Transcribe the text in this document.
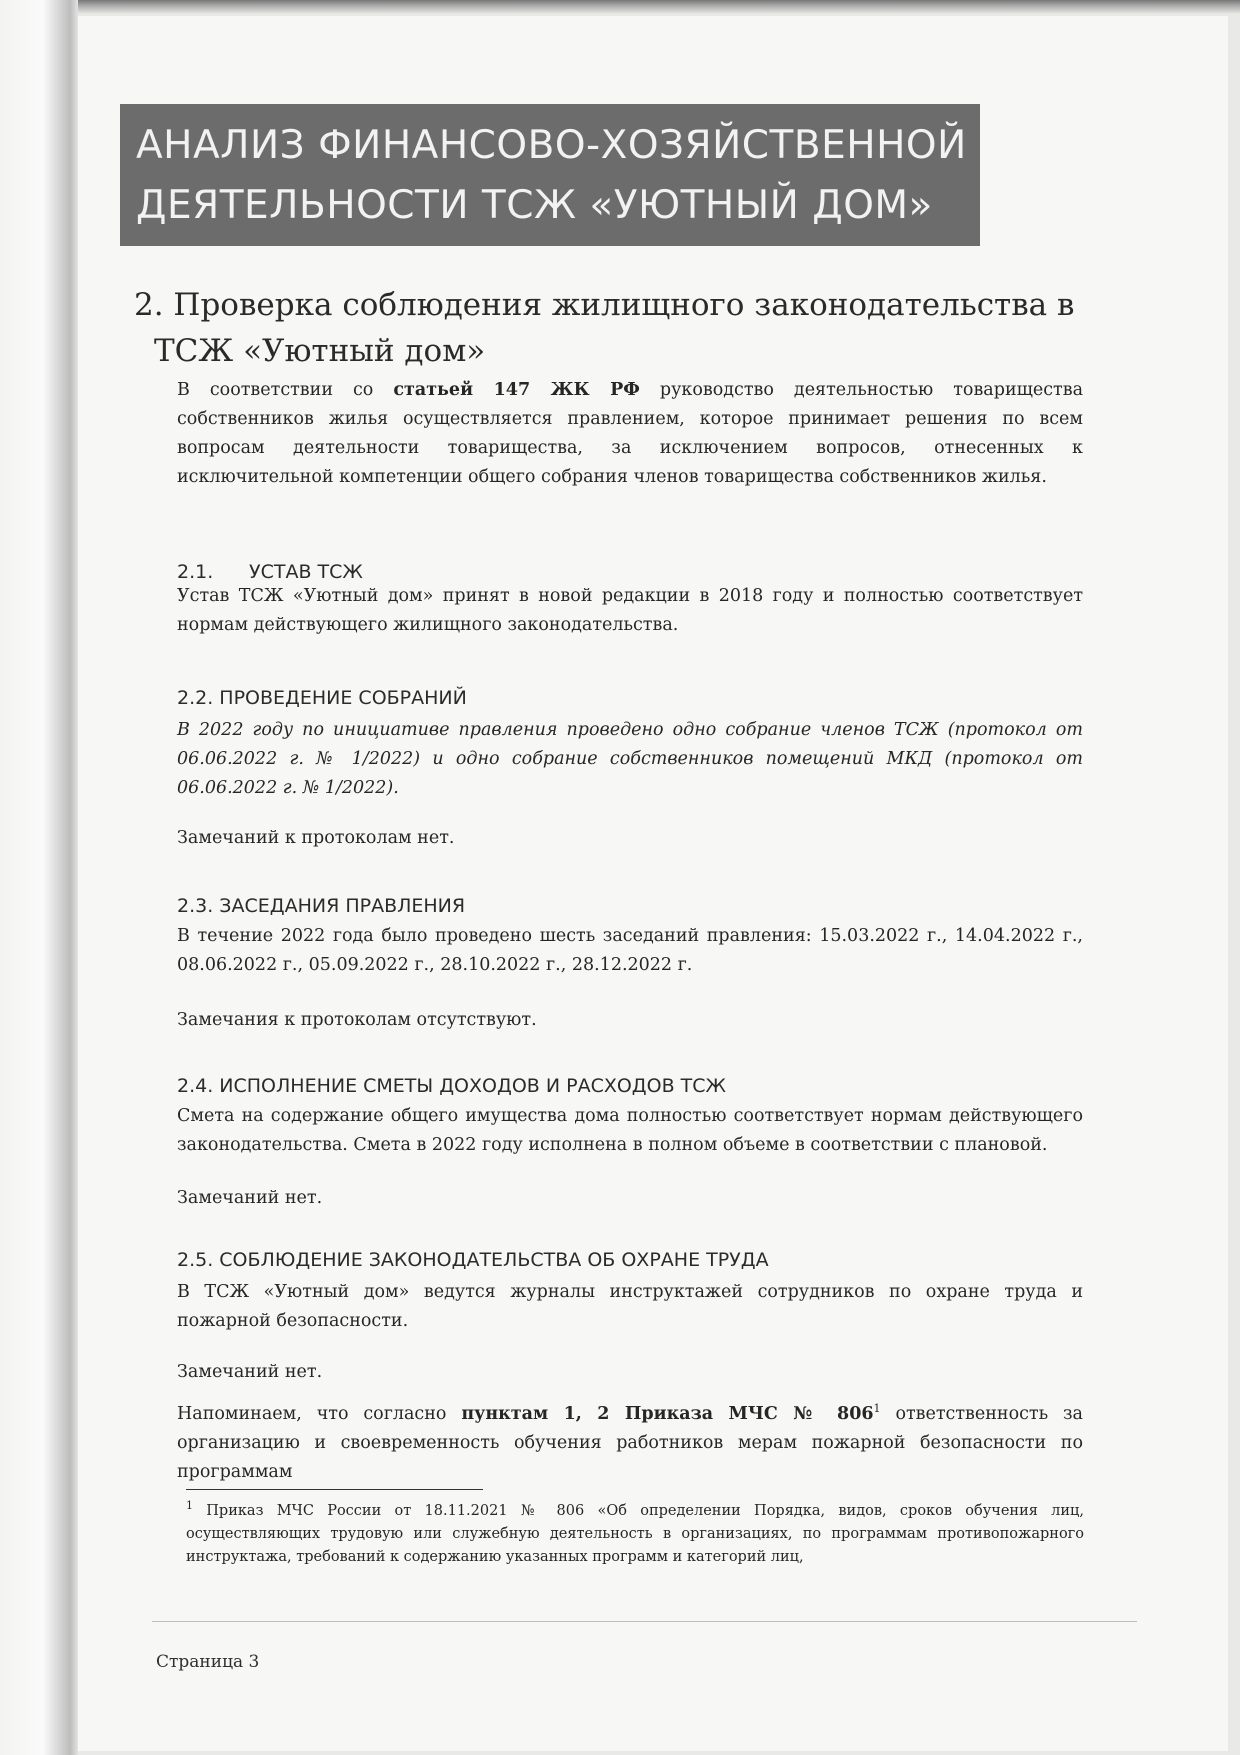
АНАЛИЗ ФИНАНСОВО-ХОЗЯЙСТВЕННОЙ
ДЕЯТЕЛЬНОСТИ ТСЖ «УЮТНЫЙ ДОМ»
2. Проверка соблюдения жилищного законодательства в
ТСЖ «Уютный дом»
В соответствии со статьей 147 ЖК РФ руководство деятельностью товарищества собственников жилья осуществляется правлением, которое принимает решения по всем вопросам деятельности товарищества, за исключением вопросов, отнесенных к исключительной компетенции общего собрания членов товарищества собственников жилья.
2.1. УСТАВ ТСЖ
Устав ТСЖ «Уютный дом» принят в новой редакции в 2018 году и полностью соответствует нормам действующего жилищного законодательства.
2.2. ПРОВЕДЕНИЕ СОБРАНИЙ
В 2022 году по инициативе правления проведено одно собрание членов ТСЖ (протокол от 06.06.2022 г. № 1/2022) и одно собрание собственников помещений МКД (протокол от 06.06.2022 г. № 1/2022).
Замечаний к протоколам нет.
2.3. ЗАСЕДАНИЯ ПРАВЛЕНИЯ
В течение 2022 года было проведено шесть заседаний правления: 15.03.2022 г., 14.04.2022 г., 08.06.2022 г., 05.09.2022 г., 28.10.2022 г., 28.12.2022 г.
Замечания к протоколам отсутствуют.
2.4. ИСПОЛНЕНИЕ СМЕТЫ ДОХОДОВ И РАСХОДОВ ТСЖ
Смета на содержание общего имущества дома полностью соответствует нормам действующего законодательства. Смета в 2022 году исполнена в полном объеме в соответствии с плановой.
Замечаний нет.
2.5. СОБЛЮДЕНИЕ ЗАКОНОДАТЕЛЬСТВА ОБ ОХРАНЕ ТРУДА
В ТСЖ «Уютный дом» ведутся журналы инструктажей сотрудников по охране труда и пожарной безопасности.
Замечаний нет.
Напоминаем, что согласно пунктам 1, 2 Приказа МЧС № $806^1$ ответственность за организацию и своевременность обучения работников мерам пожарной безопасности по программам
$^1$ Приказ МЧС России от 18.11.2021 № 806 «Об определении Порядка, видов, сроков обучения лиц, осуществляющих трудовую или служебную деятельность в организациях, по программам противопожарного инструктажа, требований к содержанию указанных программ и категорий лиц,
Страница 3
